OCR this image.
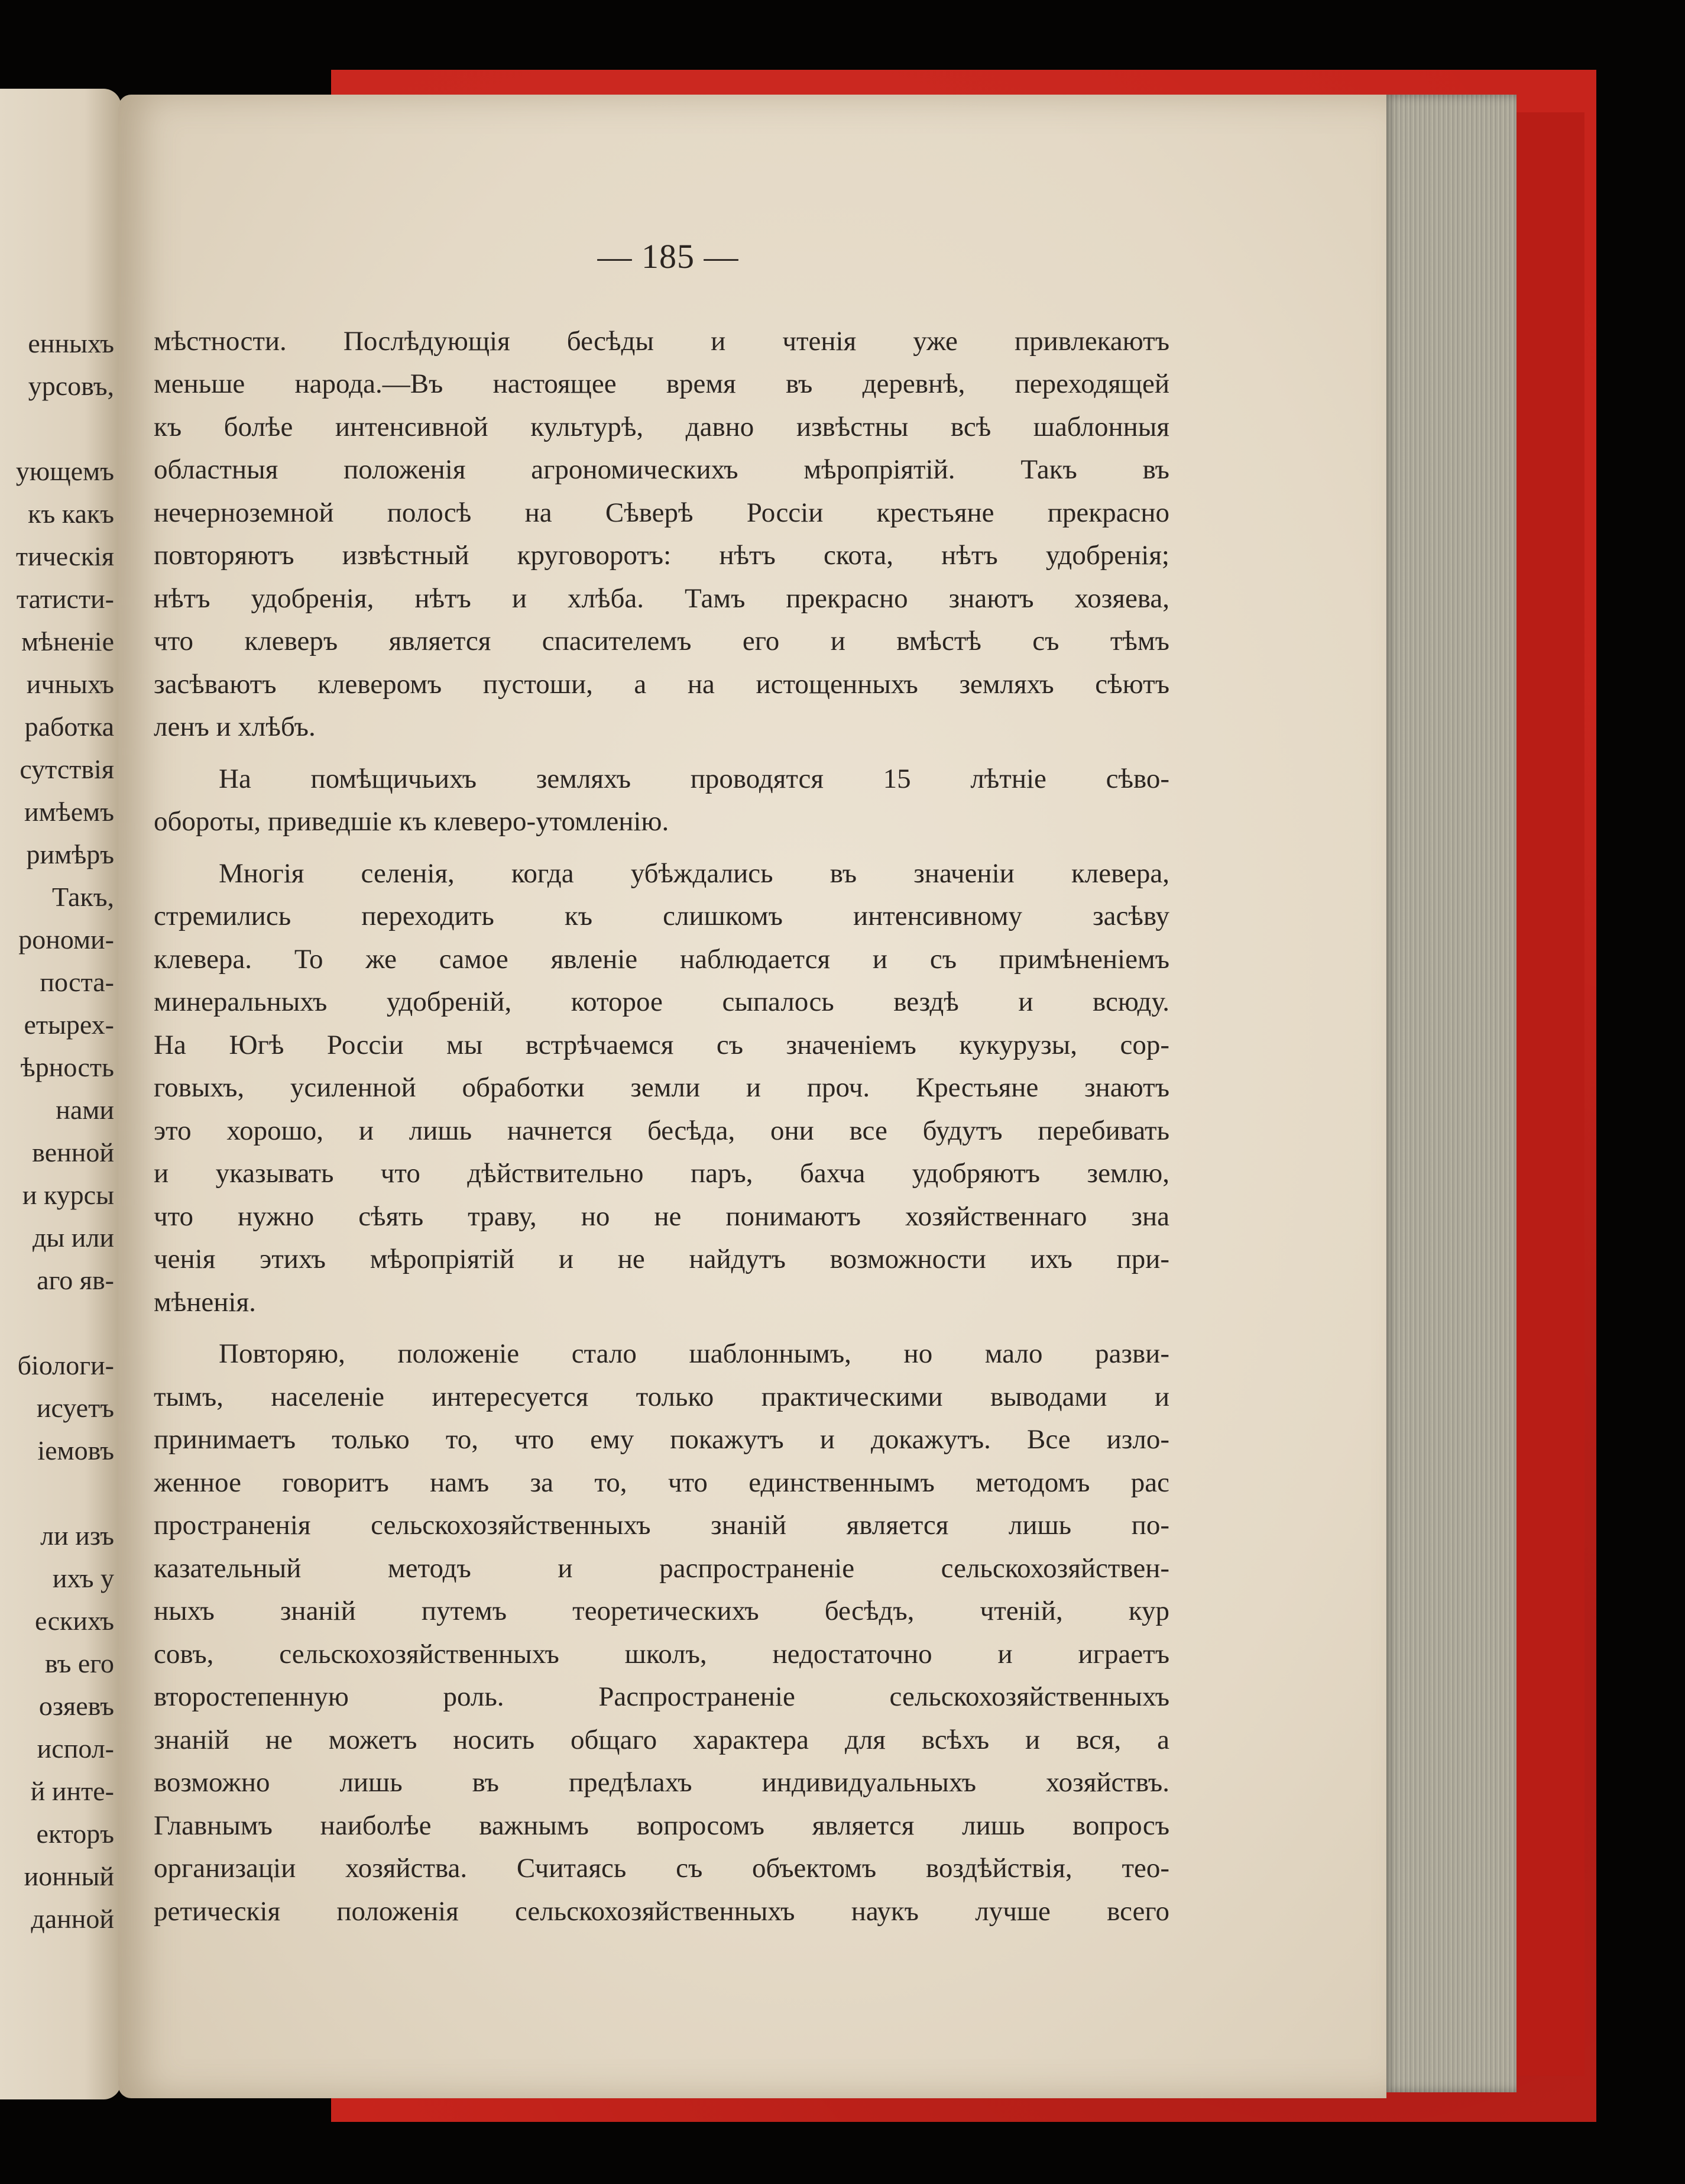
енныхъ
урсовъ,
ующемъ
къ какъ
тическія
татисти-
мѣненіе
ичныхъ
работка
сутствія
имѣемъ
римѣръ
Такъ,
рономи-
поста-
етырех-
ѣрность
нами
венной
и курсы
ды или
аго яв-
біологи-
исуетъ
іемовъ
ли изъ
ихъ у
ескихъ
въ его
озяевъ
испол-
й инте-
екторъ
ионный
данной
— 185 —
мѣстности. Послѣдующія бесѣды и чтенія уже привлекаютъ
меньше народа.—Въ настоящее время въ деревнѣ, переходящей
къ болѣе интенсивной культурѣ, давно извѣстны всѣ шаблонныя
областныя положенія агрономическихъ мѣропріятій. Такъ въ
нечерноземной полосѣ на Сѣверѣ Россіи крестьяне прекрасно
повторяютъ извѣстный круговоротъ: нѣтъ скота, нѣтъ удобренія;
нѣтъ удобренія, нѣтъ и хлѣба. Тамъ прекрасно знаютъ хозяева,
что клеверъ является спасителемъ его и вмѣстѣ съ тѣмъ
засѣваютъ клеверомъ пустоши, а на истощенныхъ земляхъ сѣютъ
ленъ и хлѣбъ.
На помѣщичьихъ земляхъ проводятся 15 лѣтніе сѣво-
обороты, приведшіе къ клеверо-утомленію.
Многія селенія, когда убѣждались въ значеніи клевера,
стремились переходить къ слишкомъ интенсивному засѣву
клевера. То же самое явленіе наблюдается и съ примѣненіемъ
минеральныхъ удобреній, которое сыпалось вездѣ и всюду.
На Югѣ Россіи мы встрѣчаемся съ значеніемъ кукурузы, сор-
говыхъ, усиленной обработки земли и проч. Крестьяне знаютъ
это хорошо, и лишь начнется бесѣда, они все будутъ перебивать
и указывать что дѣйствительно паръ, бахча удобряютъ землю,
что нужно сѣять траву, но не понимаютъ хозяйственнаго зна
ченія этихъ мѣропріятій и не найдутъ возможности ихъ при-
мѣненія.
Повторяю, положеніе стало шаблоннымъ, но мало разви-
тымъ, населеніе интересуется только практическими выводами и
принимаетъ только то, что ему покажутъ и докажутъ. Все изло-
женное говоритъ намъ за то, что единственнымъ методомъ рас
пространенія сельскохозяйственныхъ знаній является лишь по-
казательный методъ и распространеніе сельскохозяйствен-
ныхъ знаній путемъ теоретическихъ бесѣдъ, чтеній, кур
совъ, сельскохозяйственныхъ школъ, недостаточно и играетъ
второстепенную роль. Распространеніе сельскохозяйственныхъ
знаній не можетъ носить общаго характера для всѣхъ и вся, а
возможно лишь въ предѣлахъ индивидуальныхъ хозяйствъ.
Главнымъ наиболѣе важнымъ вопросомъ является лишь вопросъ
организаціи хозяйства. Считаясь съ объектомъ воздѣйствія, тео-
ретическія положенія сельскохозяйственныхъ наукъ лучше всего
